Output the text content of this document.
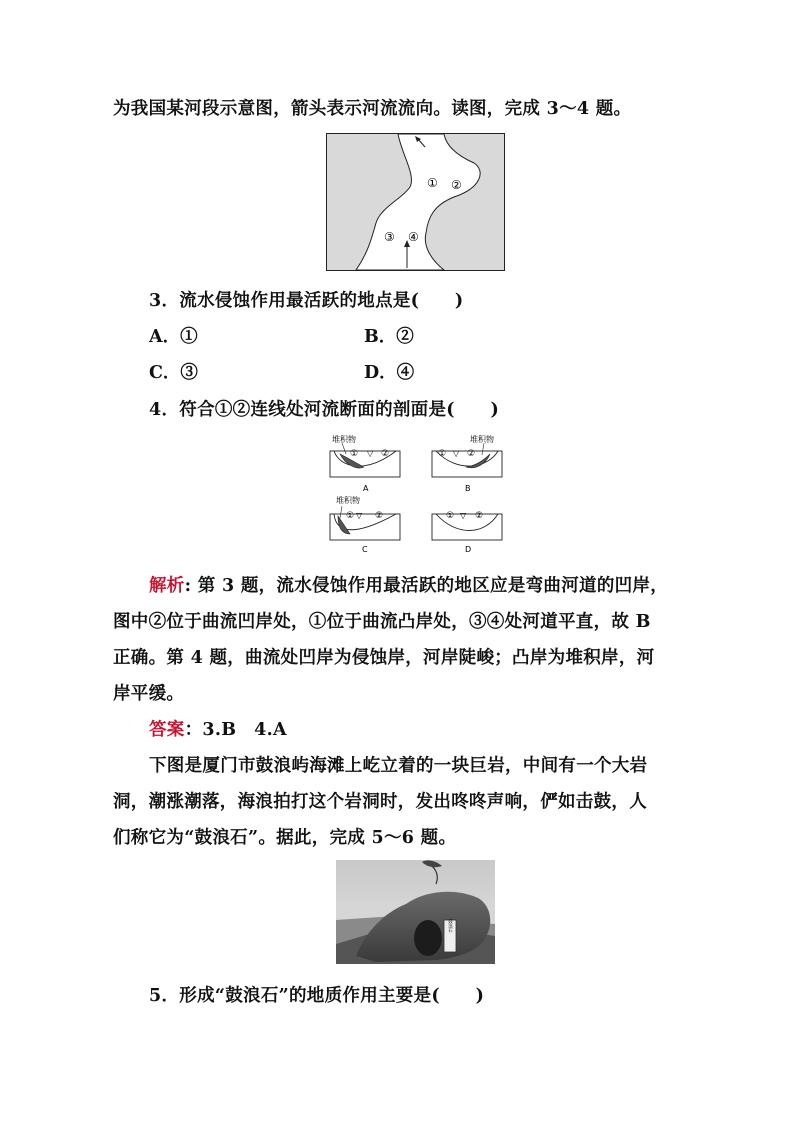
为我国某河段示意图，箭头表示河流流向。读图，完成 3～4 题。
① ②
③ ④
3．流水侵蚀作用最活跃的地点是(　　)
A．①	B．②
C．③	D．④
4．符合①②连线处河流断面的剖面是(　　)
堆积物
① ▽ ②
A
堆积物
① ▽ ②
B
堆积物
① ▽ ②
C
① ▽ ②
D
解析: 第 3 题，流水侵蚀作用最活跃的地区应是弯曲河道的凹岸，
图中②位于曲流凹岸处，①位于曲流凸岸处，③④处河道平直，故 B
正确。第 4 题，曲流处凹岸为侵蚀岸，河岸陡峻；凸岸为堆积岸，河
岸平缓。
答案：3.B　4.A
下图是厦门市鼓浪屿海滩上屹立着的一块巨岩，中间有一个大岩
洞，潮涨潮落，海浪拍打这个岩洞时，发出咚咚声响，俨如击鼓，人
们称它为“鼓浪石”。据此，完成 5～6 题。
鼓浪石
5．形成“鼓浪石”的地质作用主要是(　　)
